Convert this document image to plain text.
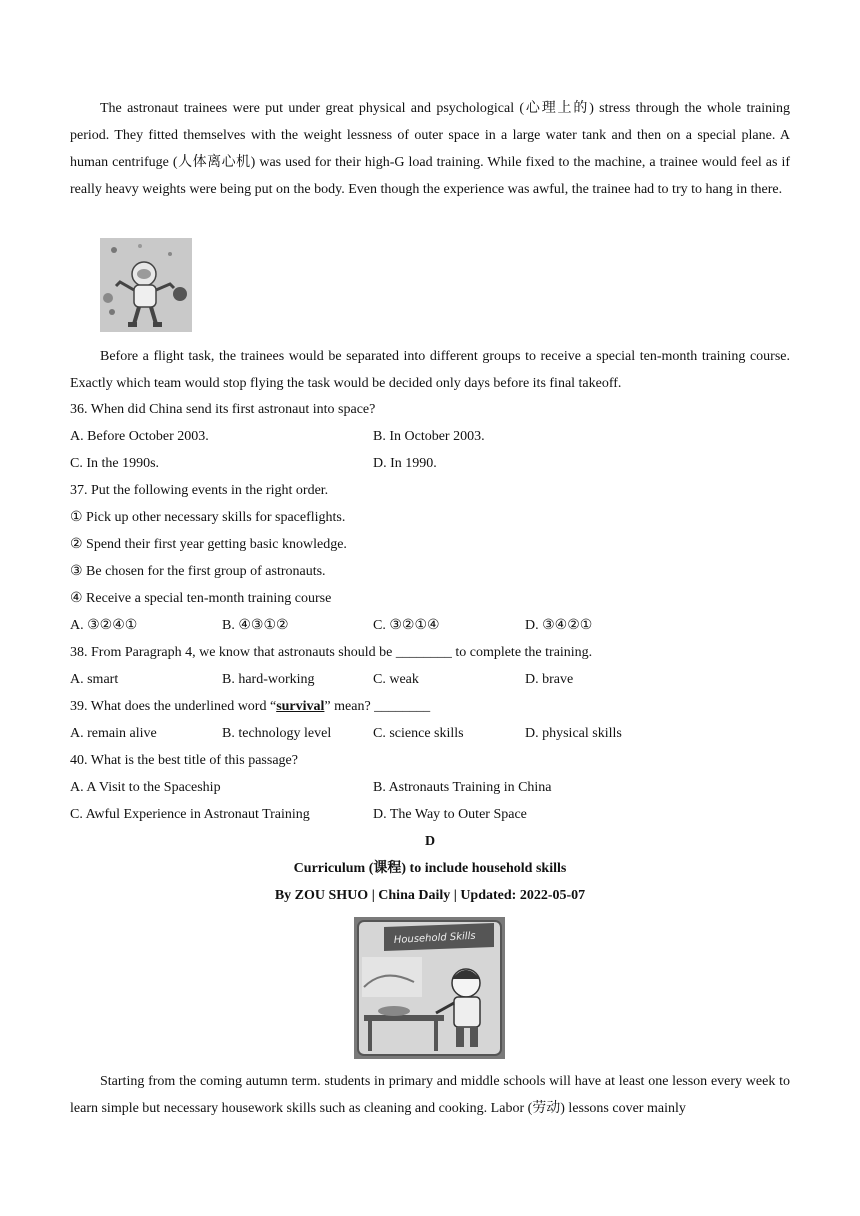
The astronaut trainees were put under great physical and psychological (心理上的) stress through the whole training period. They fitted themselves with the weight lessness of outer space in a large water tank and then on a special plane. A human centrifuge (人体离心机) was used for their high-G load training. While fixed to the machine, a trainee would feel as if really heavy weights were being put on the body. Even though the experience was awful, the trainee had to try to hang in there.

Before a flight task, the trainees would be separated into different groups to receive a special ten-month training course. Exactly which team would stop flying the task would be decided only days before its final takeoff.

36. When did China send its first astronaut into space?
A. Before October 2003.	B. In October 2003.
C. In the 1990s.	D. In 1990.
37. Put the following events in the right order.
① Pick up other necessary skills for spaceflights.
② Spend their first year getting basic knowledge.
③ Be chosen for the first group of astronauts.
④ Receive a special ten-month training course
A. ③②④①	B. ④③①②	C. ③②①④	D. ③④②①
38. From Paragraph 4, we know that astronauts should be ________ to complete the training.
A. smart	B. hard-working	C. weak	D. brave
39. What does the underlined word “survival” mean? ________
A. remain alive	B. technology level	C. science skills	D. physical skills
40. What is the best title of this passage?
A. A Visit to the Spaceship	B. Astronauts Training in China
C. Awful Experience in Astronaut Training	D. The Way to Outer Space
D
Curriculum (课程) to include household skills
By ZOU SHUO | China Daily | Updated: 2022-05-07
Household Skills

Starting from the coming autumn term. students in primary and middle schools will have at least one lesson every week to learn simple but necessary housework skills such as cleaning and cooking. Labor (劳动) lessons cover mainly
